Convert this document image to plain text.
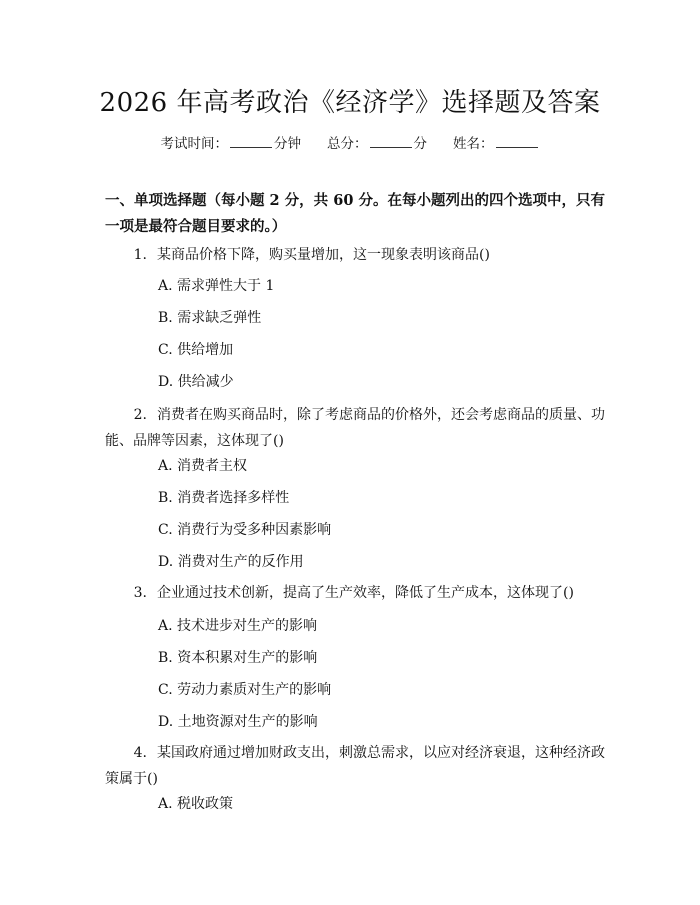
2026 年高考政治《经济学》选择题及答案
考试时间：	分钟 总分：	分 姓名：

一、单项选择题（每小题 2 分，共 60 分。在每小题列出的四个选项中，只有一项是最符合题目要求的。）

1. 某商品价格下降，购买量增加，这一现象表明该商品()
A. 需求弹性大于 1
B. 需求缺乏弹性
C. 供给增加
D. 供给减少
2. 消费者在购买商品时，除了考虑商品的价格外，还会考虑商品的质量、功能、品牌等因素，这体现了()
A. 消费者主权
B. 消费者选择多样性
C. 消费行为受多种因素影响
D. 消费对生产的反作用
3. 企业通过技术创新，提高了生产效率，降低了生产成本，这体现了()
A. 技术进步对生产的影响
B. 资本积累对生产的影响
C. 劳动力素质对生产的影响
D. 土地资源对生产的影响
4. 某国政府通过增加财政支出，刺激总需求，以应对经济衰退，这种经济政策属于()
A. 税收政策
